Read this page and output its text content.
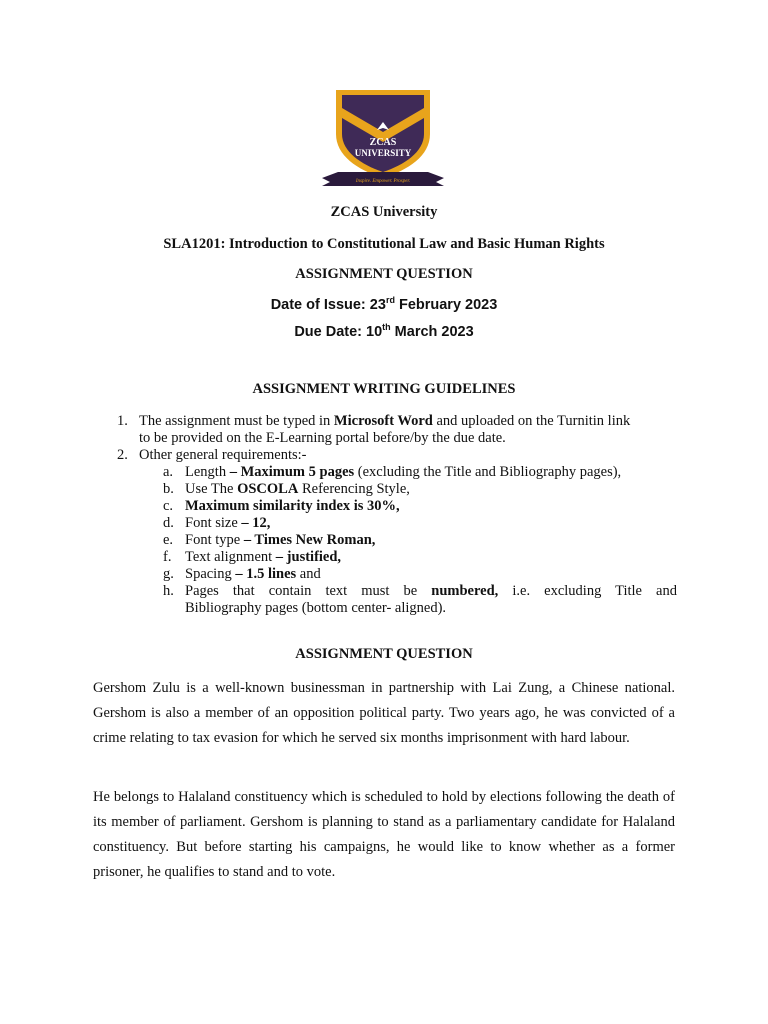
ZCAS
UNIVERSITY
Inspire. Empower. Prosper.
ZCAS University
SLA1201: Introduction to Constitutional Law and Basic Human Rights
ASSIGNMENT QUESTION
Date of Issue: 23rd February 2023
Due Date: 10th March 2023
ASSIGNMENT WRITING GUIDELINES
1. The assignment must be typed in Microsoft Word and uploaded on the Turnitin link
to be provided on the E-Learning portal before/by the due date.
2. Other general requirements:-
a. Length – Maximum 5 pages (excluding the Title and Bibliography pages),
b. Use The OSCOLA Referencing Style,
c. Maximum similarity index is 30%,
d. Font size – 12,
e. Font type – Times New Roman,
f. Text alignment – justified,
g. Spacing – 1.5 lines and
h. Pages that contain text must be numbered, i.e. excluding Title and
Bibliography pages (bottom center- aligned).
ASSIGNMENT QUESTION
Gershom Zulu is a well-known businessman in partnership with Lai Zung, a Chinese national. Gershom is also a member of an opposition political party. Two years ago, he was convicted of a crime relating to tax evasion for which he served six months imprisonment with hard labour.
He belongs to Halaland constituency which is scheduled to hold by elections following the death of its member of parliament. Gershom is planning to stand as a parliamentary candidate for Halaland constituency. But before starting his campaigns, he would like to know whether as a former prisoner, he qualifies to stand and to vote.
